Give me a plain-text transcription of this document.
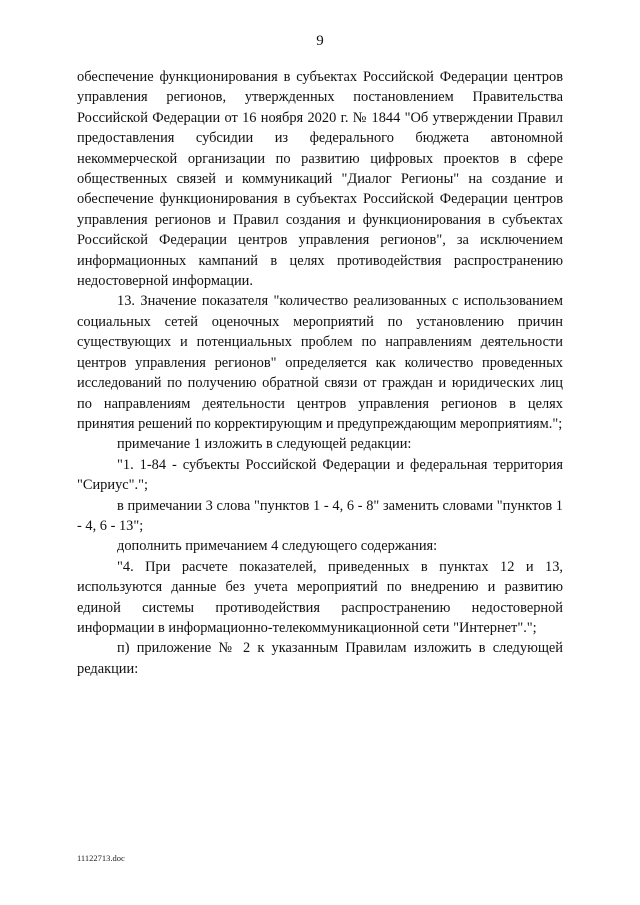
9

обеспечение функционирования в субъектах Российской Федерации центров управления регионов, утвержденных постановлением Правительства Российской Федерации от 16 ноября 2020 г. № 1844 "Об утверждении Правил предоставления субсидии из федерального бюджета автономной некоммерческой организации по развитию цифровых проектов в сфере общественных связей и коммуникаций "Диалог Регионы" на создание и обеспечение функционирования в субъектах Российской Федерации центров управления регионов и Правил создания и функционирования в субъектах Российской Федерации центров управления регионов", за исключением информационных кампаний в целях противодействия распространению недостоверной информации.

13. Значение показателя "количество реализованных с использованием социальных сетей оценочных мероприятий по установлению причин существующих и потенциальных проблем по направлениям деятельности центров управления регионов" определяется как количество проведенных исследований по получению обратной связи от граждан и юридических лиц по направлениям деятельности центров управления регионов в целях принятия решений по корректирующим и предупреждающим мероприятиям.";

примечание 1 изложить в следующей редакции:

"1. 1-84 - субъекты Российской Федерации и федеральная территория "Сириус".";

в примечании 3 слова "пунктов 1 - 4, 6 - 8" заменить словами "пунктов 1 - 4, 6 - 13";

дополнить примечанием 4 следующего содержания:

"4. При расчете показателей, приведенных в пунктах 12 и 13, используются данные без учета мероприятий по внедрению и развитию единой системы противодействия распространению недостоверной информации в информационно-телекоммуникационной сети "Интернет".";

п) приложение № 2 к указанным Правилам изложить в следующей редакции:

11122713.doc
